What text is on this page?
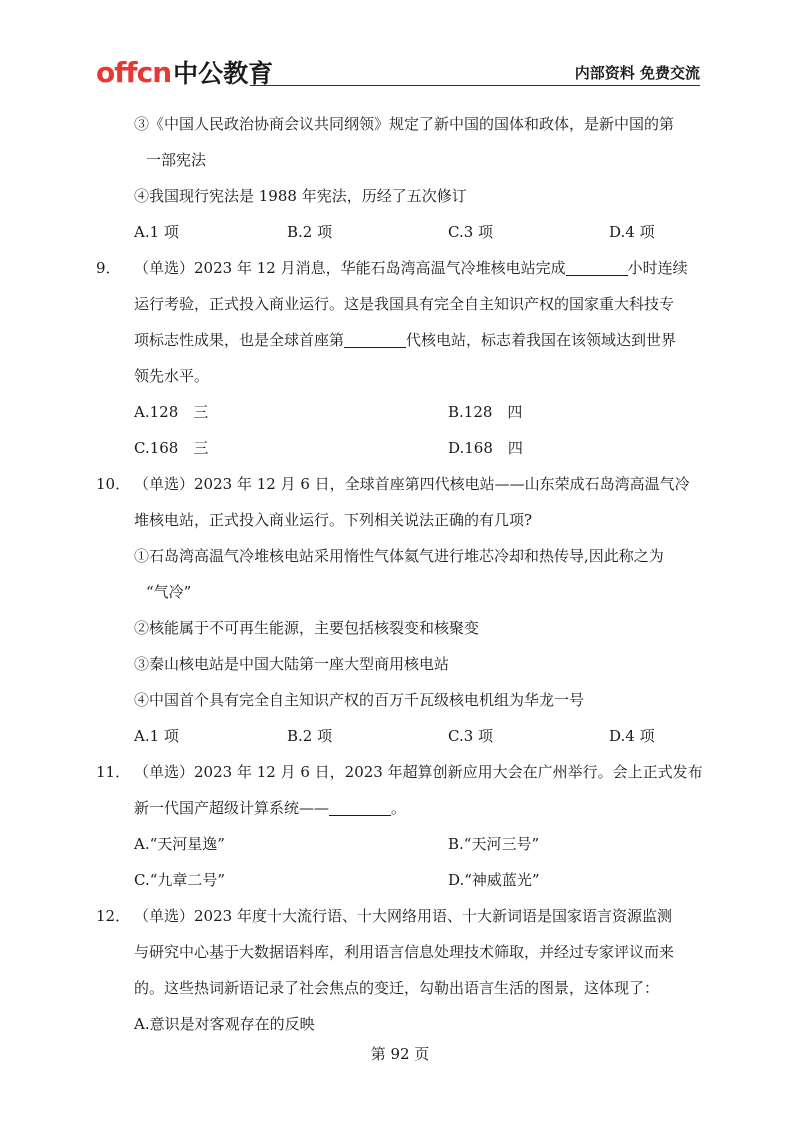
offcn中公教育	内部资料 免费交流
③《中国人民政治协商会议共同纲领》规定了新中国的国体和政体，是新中国的第
一部宪法
④我国现行宪法是 1988 年宪法，历经了五次修订
A.1 项	B.2 项	C.3 项	D.4 项
9． （单选）2023 年 12 月消息，华能石岛湾高温气冷堆核电站完成	小时连续
运行考验，正式投入商业运行。这是我国具有完全自主知识产权的国家重大科技专
项标志性成果，也是全球首座第	代核电站，标志着我国在该领域达到世界
领先水平。
A.128　三	B.128　四
C.168　三	D.168　四
10． （单选）2023 年 12 月 6 日，全球首座第四代核电站——山东荣成石岛湾高温气冷
堆核电站，正式投入商业运行。下列相关说法正确的有几项?
①石岛湾高温气冷堆核电站采用惰性气体氦气进行堆芯冷却和热传导,因此称之为
“气冷”
②核能属于不可再生能源，主要包括核裂变和核聚变
③秦山核电站是中国大陆第一座大型商用核电站
④中国首个具有完全自主知识产权的百万千瓦级核电机组为华龙一号
A.1 项	B.2 项	C.3 项	D.4 项
11． （单选）2023 年 12 月 6 日，2023 年超算创新应用大会在广州举行。会上正式发布
新一代国产超级计算系统——	。
A.“天河星逸”	B.“天河三号”
C.“九章二号”	D.“神威蓝光”
12． （单选）2023 年度十大流行语、十大网络用语、十大新词语是国家语言资源监测
与研究中心基于大数据语料库，利用语言信息处理技术筛取，并经过专家评议而来
的。这些热词新语记录了社会焦点的变迁，勾勒出语言生活的图景，这体现了：
A.意识是对客观存在的反映
第 92 页
